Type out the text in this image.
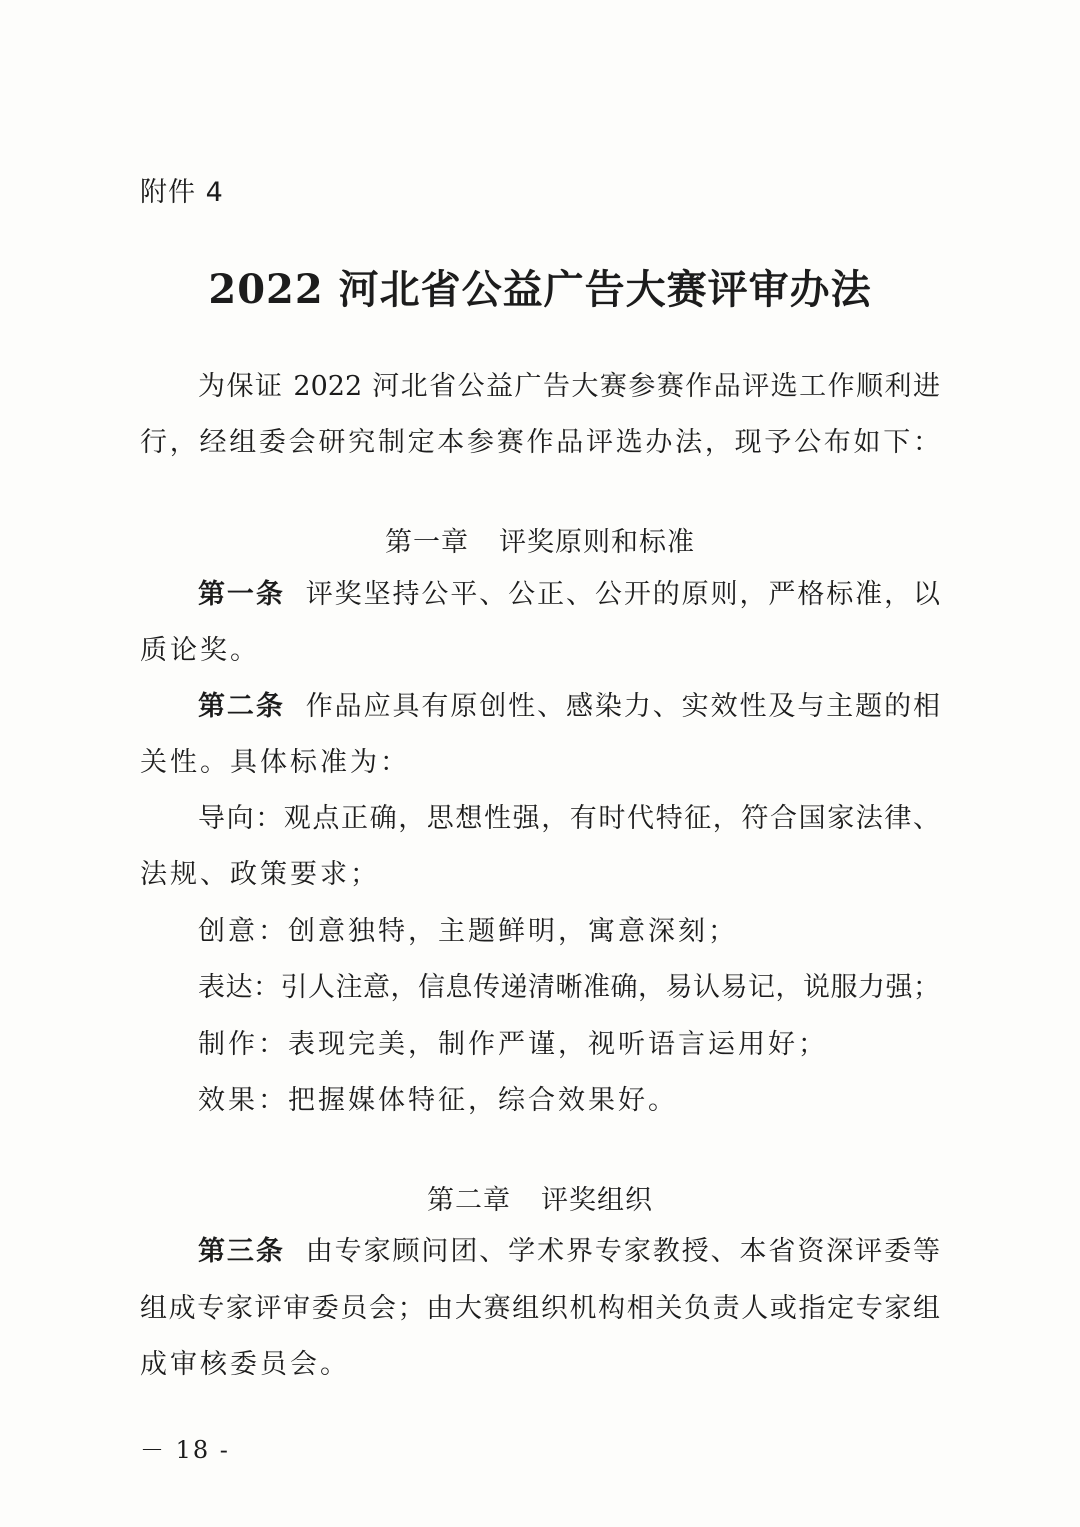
附件 4
2022 河北省公益广告大赛评审办法
为保证 2022 河北省公益广告大赛参赛作品评选工作顺利进
行，经组委会研究制定本参赛作品评选办法，现予公布如下：
第一章 评奖原则和标准
第一条 评奖坚持公平、公正、公开的原则，严格标准，以
质论奖。
第二条 作品应具有原创性、感染力、实效性及与主题的相
关性。具体标准为：
导向：观点正确，思想性强，有时代特征，符合国家法律、
法规、政策要求；
创意：创意独特，主题鲜明，寓意深刻；
表达：引人注意，信息传递清晰准确，易认易记，说服力强；
制作：表现完美，制作严谨，视听语言运用好；
效果：把握媒体特征，综合效果好。
第二章 评奖组织
第三条 由专家顾问团、学术界专家教授、本省资深评委等
组成专家评审委员会；由大赛组织机构相关负责人或指定专家组
成审核委员会。
－ 18 -
